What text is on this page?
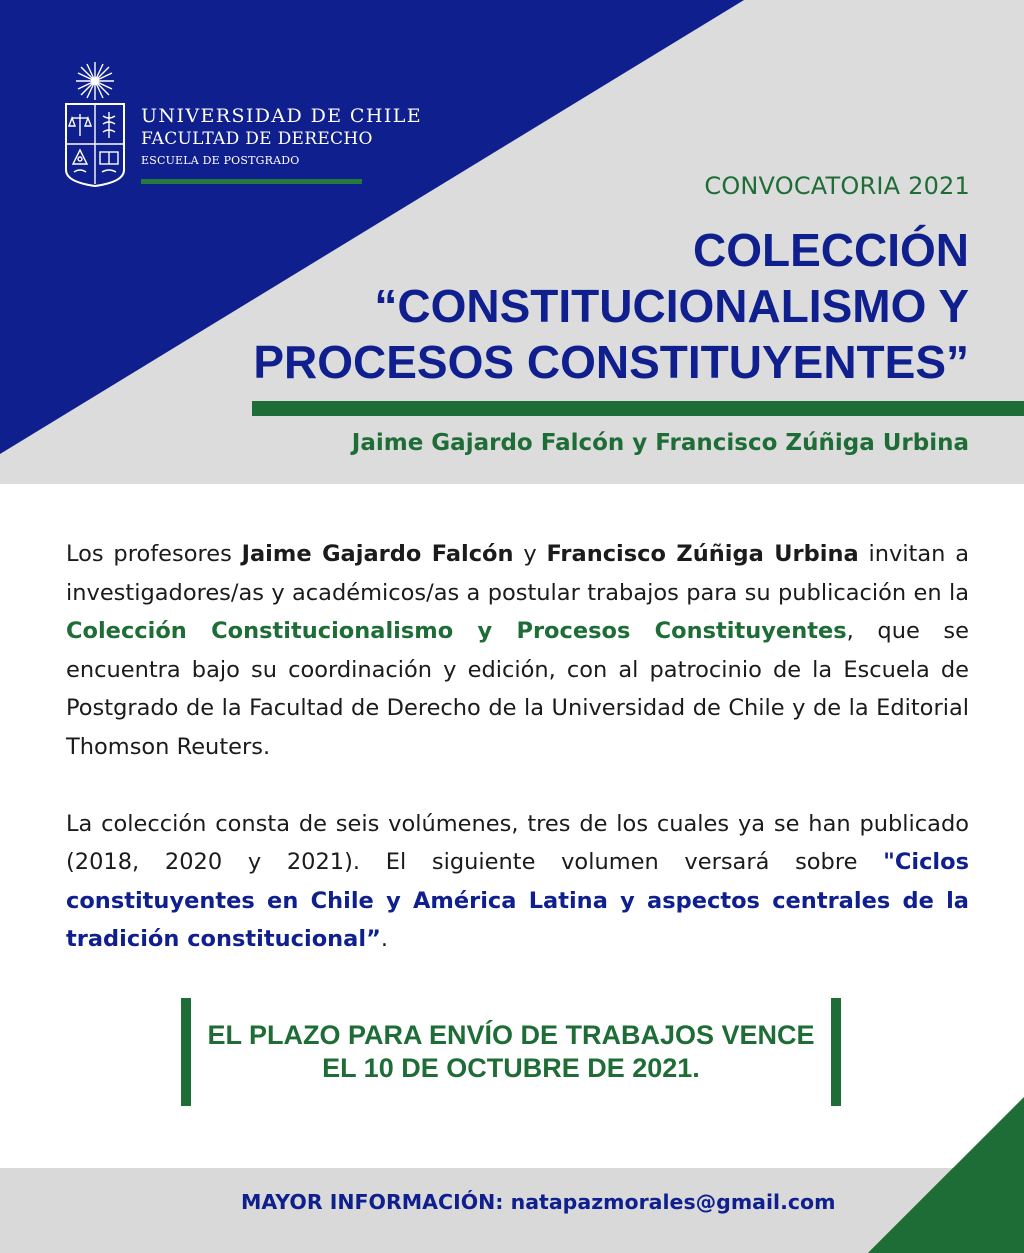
UNIVERSIDAD DE CHILE
FACULTAD DE DERECHO
ESCUELA DE POSTGRADO
CONVOCATORIA 2021
COLECCIÓN
“CONSTITUCIONALISMO Y
PROCESOS CONSTITUYENTES”
Jaime Gajardo Falcón y Francisco Zúñiga Urbina

Los profesores Jaime Gajardo Falcón y Francisco Zúñiga Urbina invitan a investigadores/as y académicos/as a postular trabajos para su publicación en la Colección Constitucionalismo y Procesos Constituyentes, que se encuentra bajo su coordinación y edición, con al patrocinio de la Escuela de Postgrado de la Facultad de Derecho de la Universidad de Chile y de la Editorial Thomson Reuters.

La colección consta de seis volúmenes, tres de los cuales ya se han publicado (2018, 2020 y 2021). El siguiente volumen versará sobre "Ciclos constituyentes en Chile y América Latina y aspectos centrales de la tradición constitucional”.

EL PLAZO PARA ENVÍO DE TRABAJOS VENCE
EL 10 DE OCTUBRE DE 2021.
MAYOR INFORMACIÓN: natapazmorales@gmail.com
